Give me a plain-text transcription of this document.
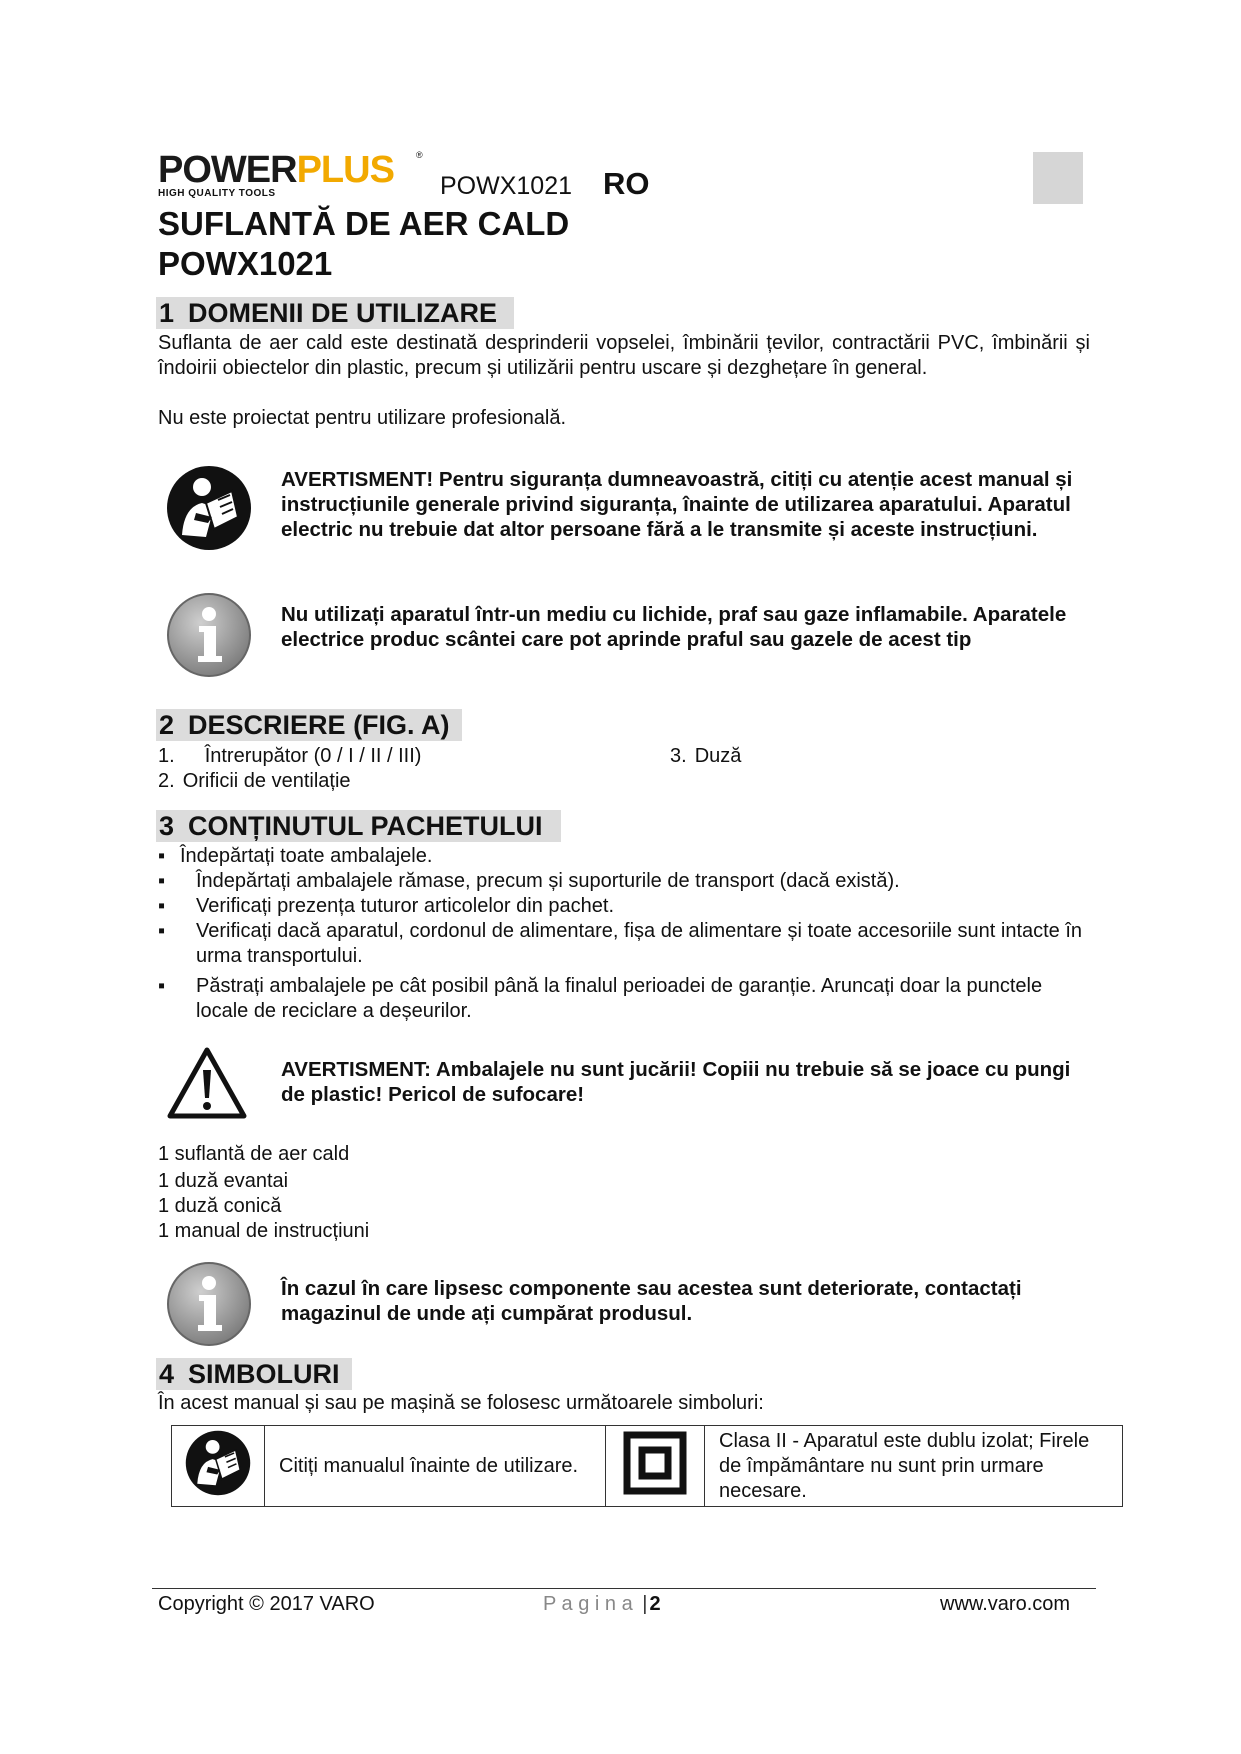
POWERPLUS ®
HIGH QUALITY TOOLS	POWX1021 RO
SUFLANTĂ DE AER CALD
POWX1021
1 DOMENII DE UTILIZARE
Suflanta de aer cald este destinată desprinderii vopselei, îmbinării țevilor, contractării PVC, îmbinării și îndoirii obiectelor din plastic, precum și utilizării pentru uscare și dezghețare în general.
Nu este proiectat pentru utilizare profesională.
AVERTISMENT! Pentru siguranța dumneavoastră, citiți cu atenție acest manual și instrucțiunile generale privind siguranța, înainte de utilizarea aparatului. Aparatul electric nu trebuie dat altor persoane fără a le transmite și aceste instrucțiuni.
Nu utilizați aparatul într-un mediu cu lichide, praf sau gaze inflamabile. Aparatele electrice produc scântei care pot aprinde praful sau gazele de acest tip
2 DESCRIERE (FIG. A)
1. Întrerupător (0 / I / II / III)
2. Orificii de ventilație
3. Duză
3 CONȚINUTUL PACHETULUI
▪ Îndepărtați toate ambalajele.
▪ Îndepărtați ambalajele rămase, precum și suporturile de transport (dacă există).
▪ Verificați prezența tuturor articolelor din pachet.
▪ Verificați dacă aparatul, cordonul de alimentare, fișa de alimentare și toate accesoriile sunt intacte în urma transportului.
▪ Păstrați ambalajele pe cât posibil până la finalul perioadei de garanție. Aruncați doar la punctele locale de reciclare a deșeurilor.
AVERTISMENT: Ambalajele nu sunt jucării! Copiii nu trebuie să se joace cu pungi de plastic! Pericol de sufocare!
1 suflantă de aer cald
1 duză evantai
1 duză conică
1 manual de instrucțiuni
În cazul în care lipsesc componente sau acestea sunt deteriorate, contactați magazinul de unde ați cumpărat produsul.
4 SIMBOLURI
În acest manual și sau pe mașină se folosesc următoarele simboluri:
	Citiți manualul înainte de utilizare.		Clasa II - Aparatul este dublu izolat; Firele de împământare nu sunt prin urmare necesare.
Copyright © 2017 VARO	P a g i n a | 2	www.varo.com
